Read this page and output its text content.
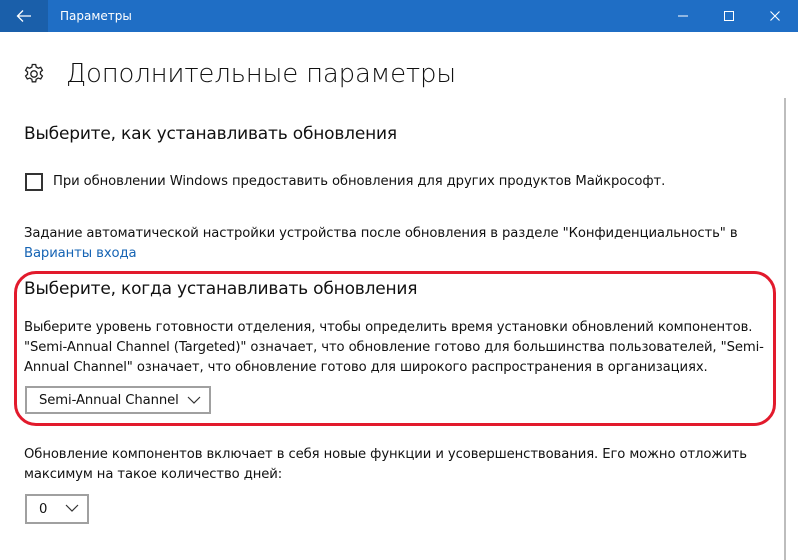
Параметры
Дополнительные параметры
Выберите, как устанавливать обновления
При обновлении Windows предоставить обновления для других продуктов Майкрософт.
Задание автоматической настройки устройства после обновления в разделе "Конфиденциальность" в
Варианты входа
Выберите, когда устанавливать обновления
Выберите уровень готовности отделения, чтобы определить время установки обновлений компонентов.
"Semi-Annual Channel (Targeted)" означает, что обновление готово для большинства пользователей, "Semi-
Annual Channel" означает, что обновление готово для широкого распространения в организациях.
Semi-Annual Channel
Обновление компонентов включает в себя новые функции и усовершенствования. Его можно отложить
максимум на такое количество дней:
0
